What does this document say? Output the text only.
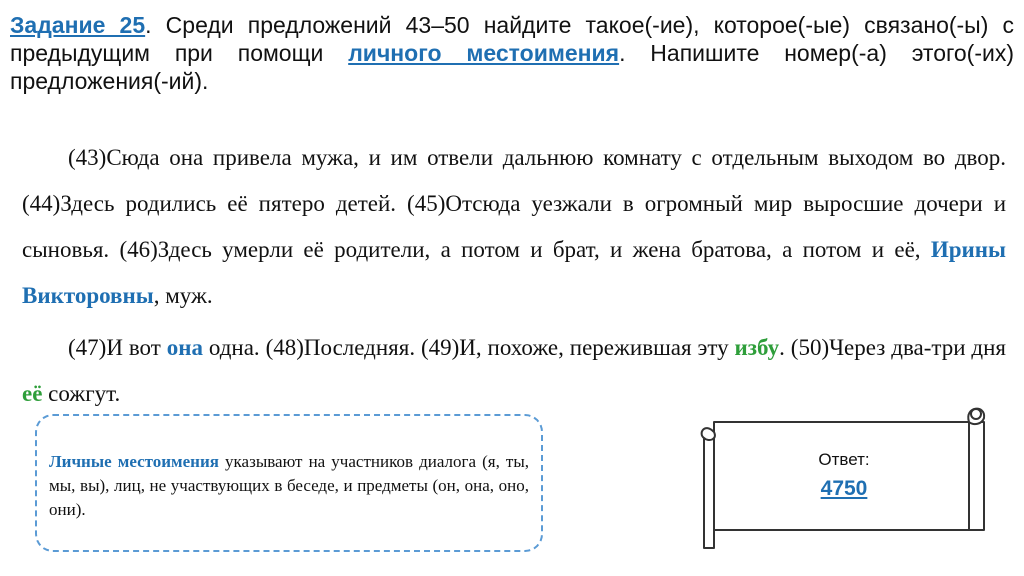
Задание 25. Среди предложений 43–50 найдите такое(-ие), которое(-ые) связано(-ы) с предыдущим при помощи личного местоимения. Напишите номер(-а) этого(-их) предложения(-ий).
(43)Сюда она привела мужа, и им отвели дальнюю комнату с отдельным выходом во двор. (44)Здесь родились её пятеро детей. (45)Отсюда уезжали в огромный мир выросшие дочери и сыновья. (46)Здесь умерли её родители, а потом и брат, и жена братова, а потом и её, Ирины Викторовны, муж.
(47)И вот она одна. (48)Последняя. (49)И, похоже, пережившая эту избу. (50)Через два-три дня её сожгут.
Личные местоимения указывают на участников диалога (я, ты, мы, вы), лиц, не участвующих в беседе, и предметы (он, она, оно, они).
Ответ:
4750
